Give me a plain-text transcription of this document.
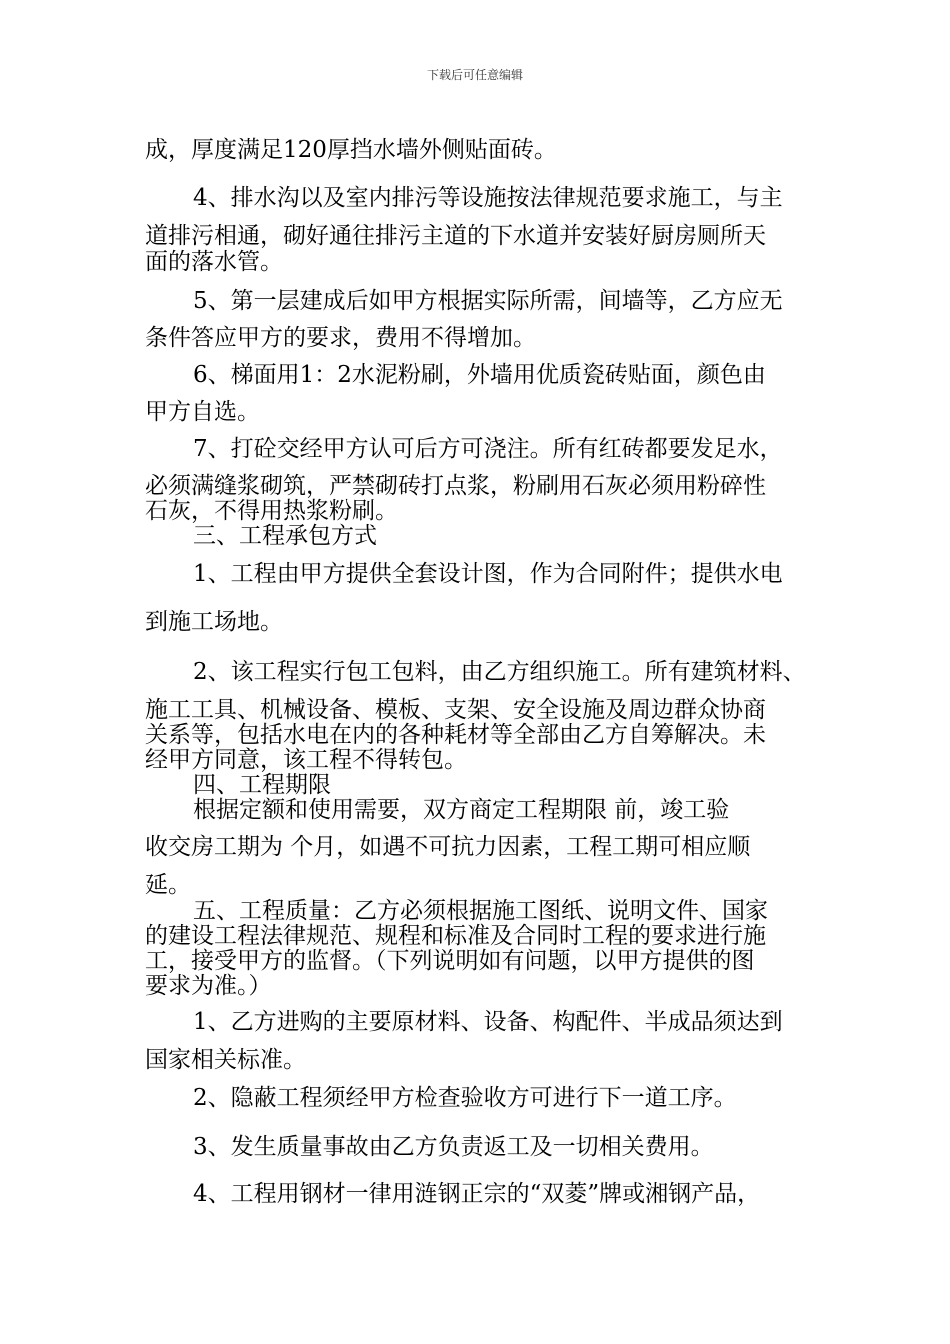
下载后可任意编辑
成，厚度满足120厚挡水墙外侧贴面砖。
4、排水沟以及室内排污等设施按法律规范要求施工，与主
道排污相通，砌好通往排污主道的下水道并安装好厨房厕所天
面的落水管。
5、第一层建成后如甲方根据实际所需，间墙等，乙方应无
条件答应甲方的要求，费用不得增加。
6、梯面用1：2水泥粉刷，外墙用优质瓷砖贴面，颜色由
甲方自选。
7、打砼交经甲方认可后方可浇注。所有红砖都要发足水，
必须满缝浆砌筑，严禁砌砖打点浆，粉刷用石灰必须用粉碎性
石灰，不得用热浆粉刷。
三、工程承包方式
1、工程由甲方提供全套设计图，作为合同附件；提供水电
到施工场地。
2、该工程实行包工包料，由乙方组织施工。所有建筑材料、
施工工具、机械设备、模板、支架、安全设施及周边群众协商
关系等，包括水电在内的各种耗材等全部由乙方自筹解决。未
经甲方同意，该工程不得转包。
四、工程期限
根据定额和使用需要，双方商定工程期限 前，竣工验
收交房工期为 个月，如遇不可抗力因素，工程工期可相应顺
延。
五、工程质量：乙方必须根据施工图纸、说明文件、国家
的建设工程法律规范、规程和标准及合同时工程的要求进行施
工，接受甲方的监督。（下列说明如有问题，以甲方提供的图
要求为准。）
1、乙方进购的主要原材料、设备、构配件、半成品须达到
国家相关标准。
2、隐蔽工程须经甲方检查验收方可进行下一道工序。
3、发生质量事故由乙方负责返工及一切相关费用。
4、工程用钢材一律用涟钢正宗的“双菱”牌或湘钢产品，
